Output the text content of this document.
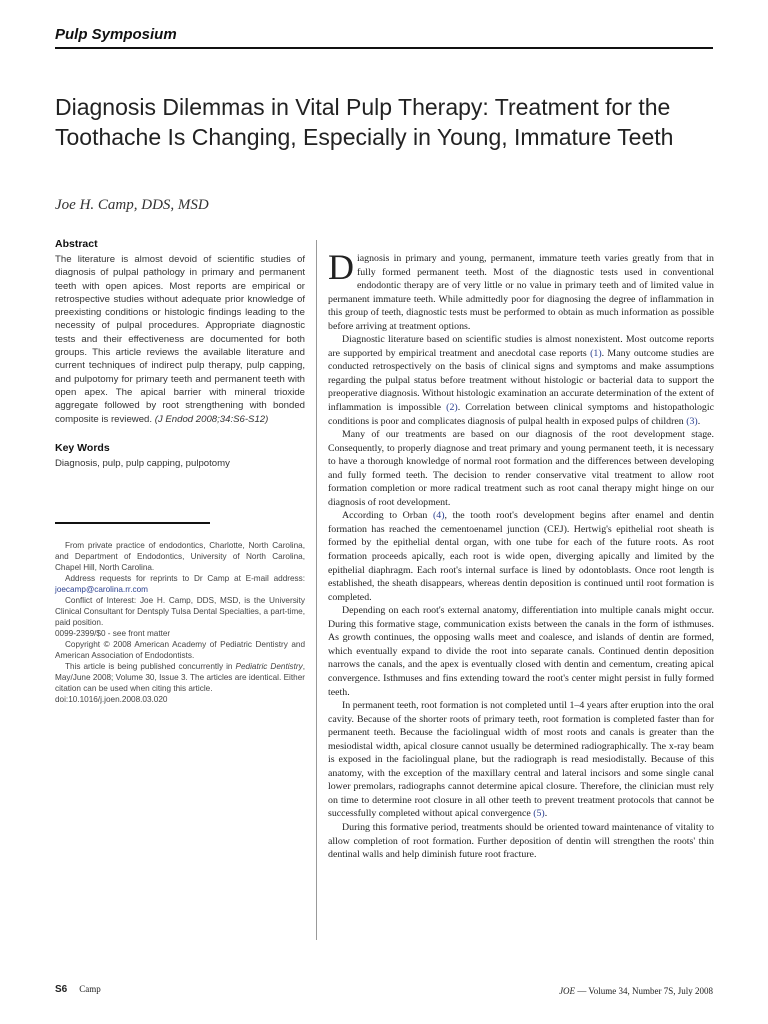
Pulp Symposium
Diagnosis Dilemmas in Vital Pulp Therapy: Treatment for the Toothache Is Changing, Especially in Young, Immature Teeth
Joe H. Camp, DDS, MSD
Abstract

The literature is almost devoid of scientific studies of diagnosis of pulpal pathology in primary and permanent teeth with open apices. Most reports are empirical or retrospective studies without adequate prior knowledge of preexisting conditions or histologic findings leading to the necessity of pulpal procedures. Appropriate diagnostic tests and their effectiveness are documented for both groups. This article reviews the available literature and current techniques of indirect pulp therapy, pulp capping, and pulpotomy for primary teeth and permanent teeth with open apex. The apical barrier with mineral trioxide aggregate followed by root strengthening with bonded composite is reviewed. (J Endod 2008;34:S6-S12)

Key Words

Diagnosis, pulp, pulp capping, pulpotomy

From private practice of endodontics, Charlotte, North Carolina, and Department of Endodontics, University of North Carolina, Chapel Hill, North Carolina.

Address requests for reprints to Dr Camp at E-mail address: joecamp@carolina.rr.com

Conflict of Interest: Joe H. Camp, DDS, MSD, is the University Clinical Consultant for Dentsply Tulsa Dental Specialties, a part-time, paid position.

0099-2399/$0 - see front matter

Copyright © 2008 American Academy of Pediatric Dentistry and American Association of Endodontists.

This article is being published concurrently in Pediatric Dentistry, May/June 2008; Volume 30, Issue 3. The articles are identical. Either citation can be used when citing this article.

doi:10.1016/j.joen.2008.03.020

Diagnosis in primary and young, permanent, immature teeth varies greatly from that in fully formed permanent teeth. Most of the diagnostic tests used in conventional endodontic therapy are of very little or no value in primary teeth and of limited value in permanent immature teeth. While admittedly poor for diagnosing the degree of inflammation in this group of teeth, diagnostic tests must be performed to obtain as much information as possible before arriving at treatment options.

Diagnostic literature based on scientific studies is almost nonexistent. Most outcome reports are supported by empirical treatment and anecdotal case reports (1). Many outcome studies are conducted retrospectively on the basis of clinical signs and symptoms and make assumptions regarding the pulpal status before treatment without histologic or bacterial data to support the preoperative diagnosis. Without histologic examination an accurate determination of the extent of inflammation is impossible (2). Correlation between clinical symptoms and histopathologic conditions is poor and complicates diagnosis of pulpal health in exposed pulps of children (3).

Many of our treatments are based on our diagnosis of the root development stage. Consequently, to properly diagnose and treat primary and young permanent teeth, it is necessary to have a thorough knowledge of normal root formation and the differences between developing and fully formed teeth. The decision to render conservative vital treatment to allow root formation completion or more radical treatment such as root canal therapy might hinge on our diagnosis of root development.

According to Orban (4), the tooth root's development begins after enamel and dentin formation has reached the cementoenamel junction (CEJ). Hertwig's epithelial root sheath is formed by the epithelial dental organ, with one tube for each of the future roots. As root formation proceeds apically, each root is wide open, diverging apically and limited by the epithelial diaphragm. Each root's internal surface is lined by odontoblasts. Once root length is established, the sheath disappears, whereas dentin deposition is continued until root formation is completed.

Depending on each root's external anatomy, differentiation into multiple canals might occur. During this formative stage, communication exists between the canals in the form of isthmuses. As growth continues, the opposing walls meet and coalesce, and islands of dentin are formed, which eventually expand to divide the root into separate canals. Continued dentin deposition narrows the canals, and the apex is eventually closed with dentin and cementum, creating apical convergence. Isthmuses and fins extending toward the root's center might persist in fully formed teeth.

In permanent teeth, root formation is not completed until 1–4 years after eruption into the oral cavity. Because of the shorter roots of primary teeth, root formation is completed faster than for permanent teeth. Because the faciolingual width of most roots and canals is greater than the mesiodistal width, apical closure cannot usually be determined radiographically. The x-ray beam is exposed in the faciolingual plane, but the radiograph is read mesiodistally. Because of this anatomy, with the exception of the maxillary central and lateral incisors and some single canal lower premolars, radiographs cannot determine apical closure. Therefore, the clinician must rely on time to determine root closure in all other teeth to prevent treatment protocols that cannot be successfully completed without apical convergence (5).

During this formative period, treatments should be oriented toward maintenance of vitality to allow completion of root formation. Further deposition of dentin will strengthen the roots' thin dentinal walls and help diminish future root fracture.

S6 Camp	JOE — Volume 34, Number 7S, July 2008
